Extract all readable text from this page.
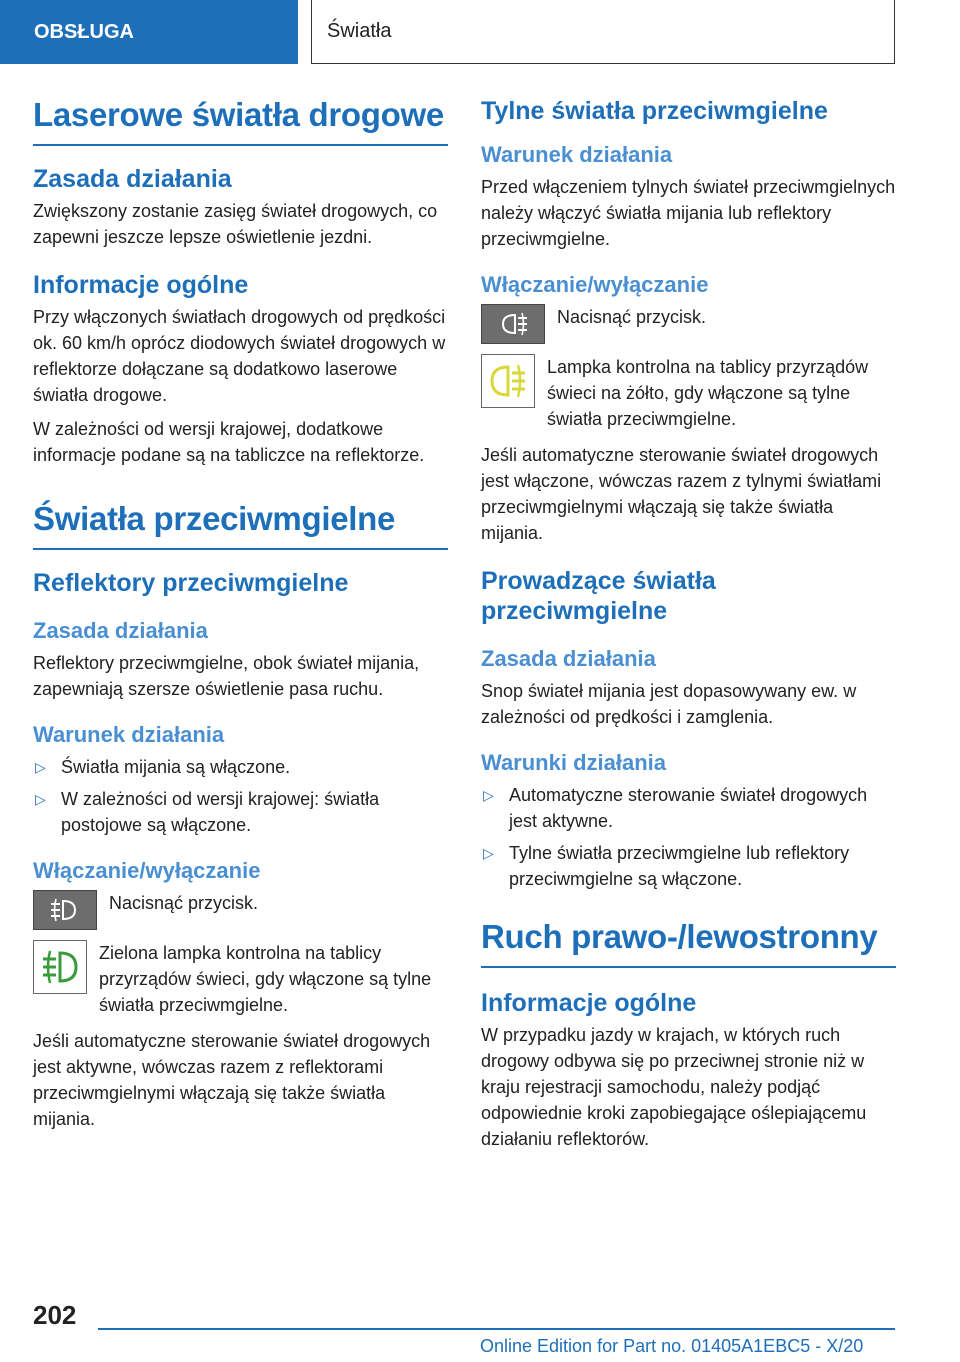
OBSŁUGA	Światła
Laserowe światła drogowe
Zasada działania

Zwiększony zostanie zasięg świateł drogowych, co zapewni jeszcze lepsze oświetlenie jezdni.

Informacje ogólne

Przy włączonych światłach drogowych od prędkości ok. 60 km/h oprócz diodowych świateł drogowych w reflektorze dołączane są dodatkowo laserowe światła drogowe.

W zależności od wersji krajowej, dodatkowe informacje podane są na tabliczce na reflektorze.

Światła przeciwmgielne
Reflektory przeciwmgielne
Zasada działania

Reflektory przeciwmgielne, obok świateł mijania, zapewniają szersze oświetlenie pasa ruchu.

Warunek działania
▷ Światła mijania są włączone.
▷ W zależności od wersji krajowej: światła postojowe są włączone.
Włączanie/wyłączanie
Nacisnąć przycisk.
Zielona lampka kontrolna na tablicy przyrządów świeci, gdy włączone są tylne światła przeciwmgielne.

Jeśli automatyczne sterowanie świateł drogowych jest aktywne, wówczas razem z reflektorami przeciwmgielnymi włączają się także światła mijania.

Tylne światła przeciwmgielne
Warunek działania

Przed włączeniem tylnych świateł przeciwmgielnych należy włączyć światła mijania lub reflektory przeciwmgielne.

Włączanie/wyłączanie
Nacisnąć przycisk.
Lampka kontrolna na tablicy przyrządów świeci na żółto, gdy włączone są tylne światła przeciwmgielne.

Jeśli automatyczne sterowanie świateł drogowych jest włączone, wówczas razem z tylnymi światłami przeciwmgielnymi włączają się także światła mijania.

Prowadzące światła przeciwmgielne
Zasada działania

Snop świateł mijania jest dopasowywany ew. w zależności od prędkości i zamglenia.

Warunki działania
▷ Automatyczne sterowanie świateł drogowych jest aktywne.
▷ Tylne światła przeciwmgielne lub reflektory przeciwmgielne są włączone.
Ruch prawo-/lewostronny
Informacje ogólne

W przypadku jazdy w krajach, w których ruch drogowy odbywa się po przeciwnej stronie niż w kraju rejestracji samochodu, należy podjąć odpowiednie kroki zapobiegające oślepiającemu działaniu reflektorów.

202
Online Edition for Part no. 01405A1EBC5 - X/20
